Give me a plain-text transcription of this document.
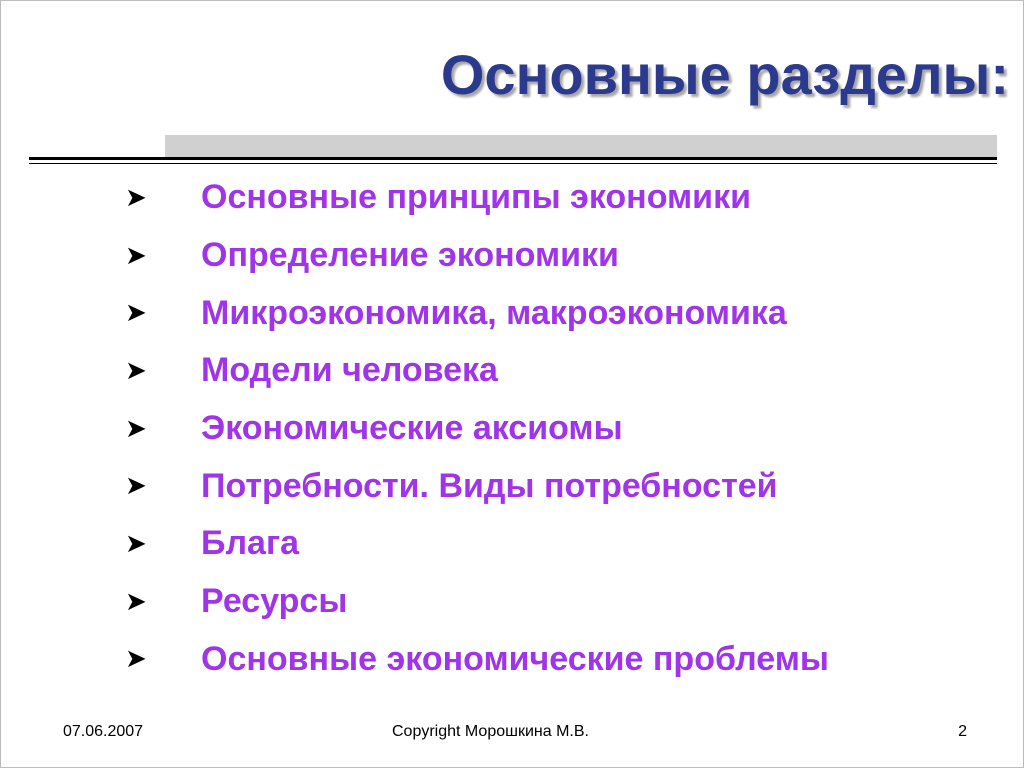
Основные разделы:
➤	Основные принципы экономики
➤	Определение экономики
➤	Микроэкономика, макроэкономика
➤	Модели человека
➤	Экономические аксиомы
➤	Потребности. Виды потребностей
➤	Блага
➤	Ресурсы
➤	Основные экономические проблемы
07.06.2007	Copyright Морошкина М.В.	2
